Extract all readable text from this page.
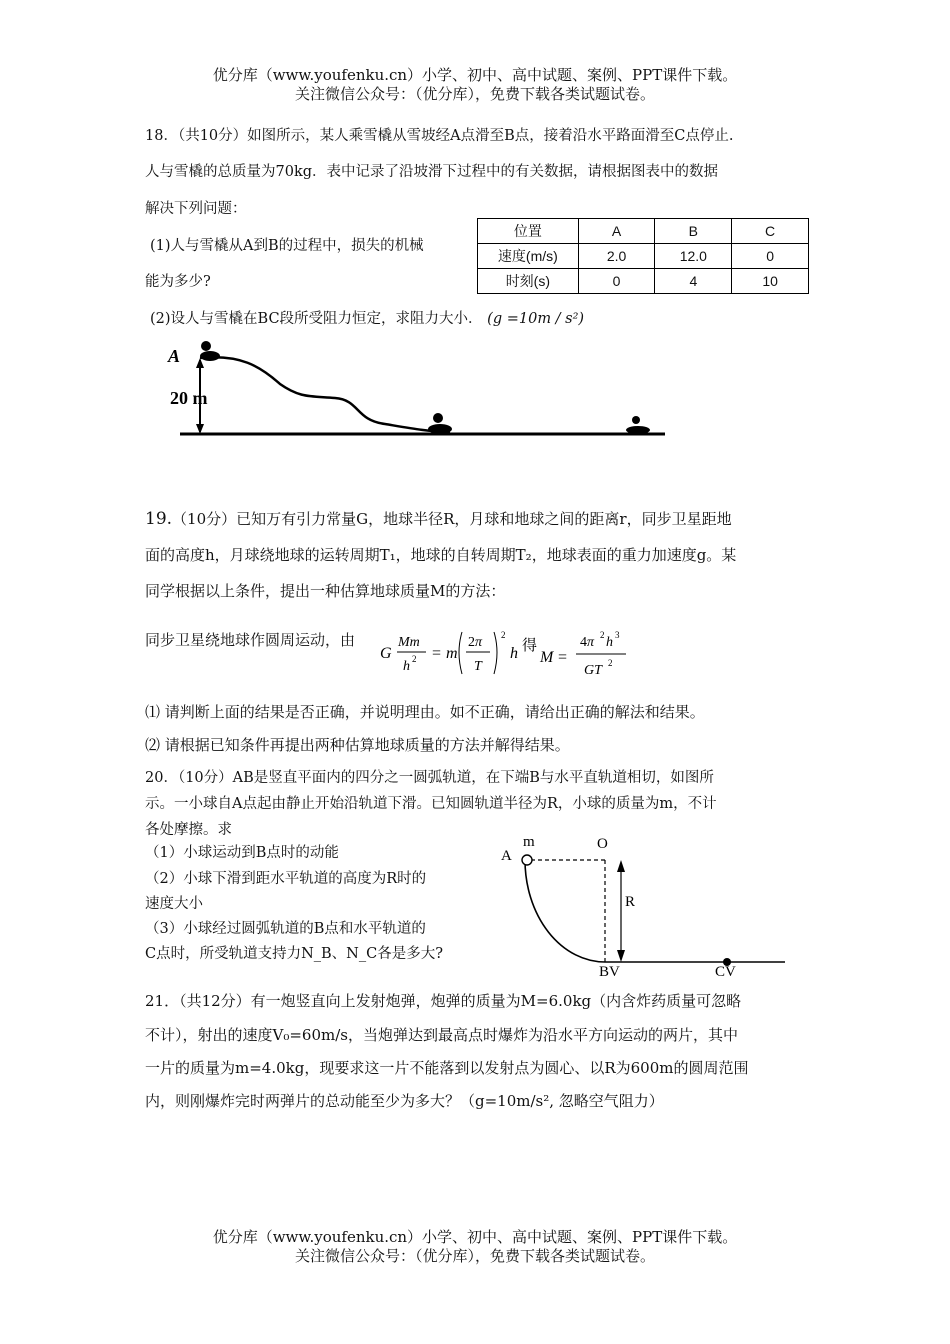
优分库（www.youfenku.cn）小学、初中、高中试题、案例、PPT课件下载。
关注微信公众号：（优分库），免费下载各类试题试卷。
18．（共10分）如图所示，某人乘雪橇从雪坡经A点滑至B点，接着沿水平路面滑至C点停止.
人与雪橇的总质量为70kg．表中记录了沿坡滑下过程中的有关数据，请根据图表中的数据
解决下列问题：
(1)人与雪橇从A到B的过程中，损失的机械
能为多少?
(2)设人与雪橇在BC段所受阻力恒定，求阻力大小． (g =10m / s²)
位置	A	B	C
速度(m/s)	2.0	12.0	0
时刻(s)	0	4	10
A
20 m
19.（10分）已知万有引力常量G，地球半径R，月球和地球之间的距离r，同步卫星距地
面的高度h，月球绕地球的运转周期T₁，地球的自转周期T₂，地球表面的重力加速度g。某
同学根据以上条件，提出一种估算地球质量M的方法：
同步卫星绕地球作圆周运动，由
G
Mm
h 2 = m
2π
T
2
h 得
M =
4π 2 h 3
GT 2
⑴ 请判断上面的结果是否正确，并说明理由。如不正确，请给出正确的解法和结果。
⑵ 请根据已知条件再提出两种估算地球质量的方法并解得结果。
20．（10分）AB是竖直平面内的四分之一圆弧轨道，在下端B与水平直轨道相切，如图所
示。一小球自A点起由静止开始沿轨道下滑。已知圆轨道半径为R，小球的质量为m，不计
各处摩擦。求
（1）小球运动到B点时的动能
（2）小球下滑到距水平轨道的高度为R时的
速度大小
（3）小球经过圆弧轨道的B点和水平轨道的
C点时，所受轨道支持力N_B、N_C各是多大?
m
A
O
R
BV	CV
21．（共12分）有一炮竖直向上发射炮弹，炮弹的质量为M=6.0kg（内含炸药质量可忽略
不计），射出的速度V₀=60m/s，当炮弹达到最高点时爆炸为沿水平方向运动的两片，其中
一片的质量为m=4.0kg，现要求这一片不能落到以发射点为圆心、以R为600m的圆周范围
内，则刚爆炸完时两弹片的总动能至少为多大？（g=10m/s², 忽略空气阻力）
优分库（www.youfenku.cn）小学、初中、高中试题、案例、PPT课件下载。
关注微信公众号：（优分库），免费下载各类试题试卷。
